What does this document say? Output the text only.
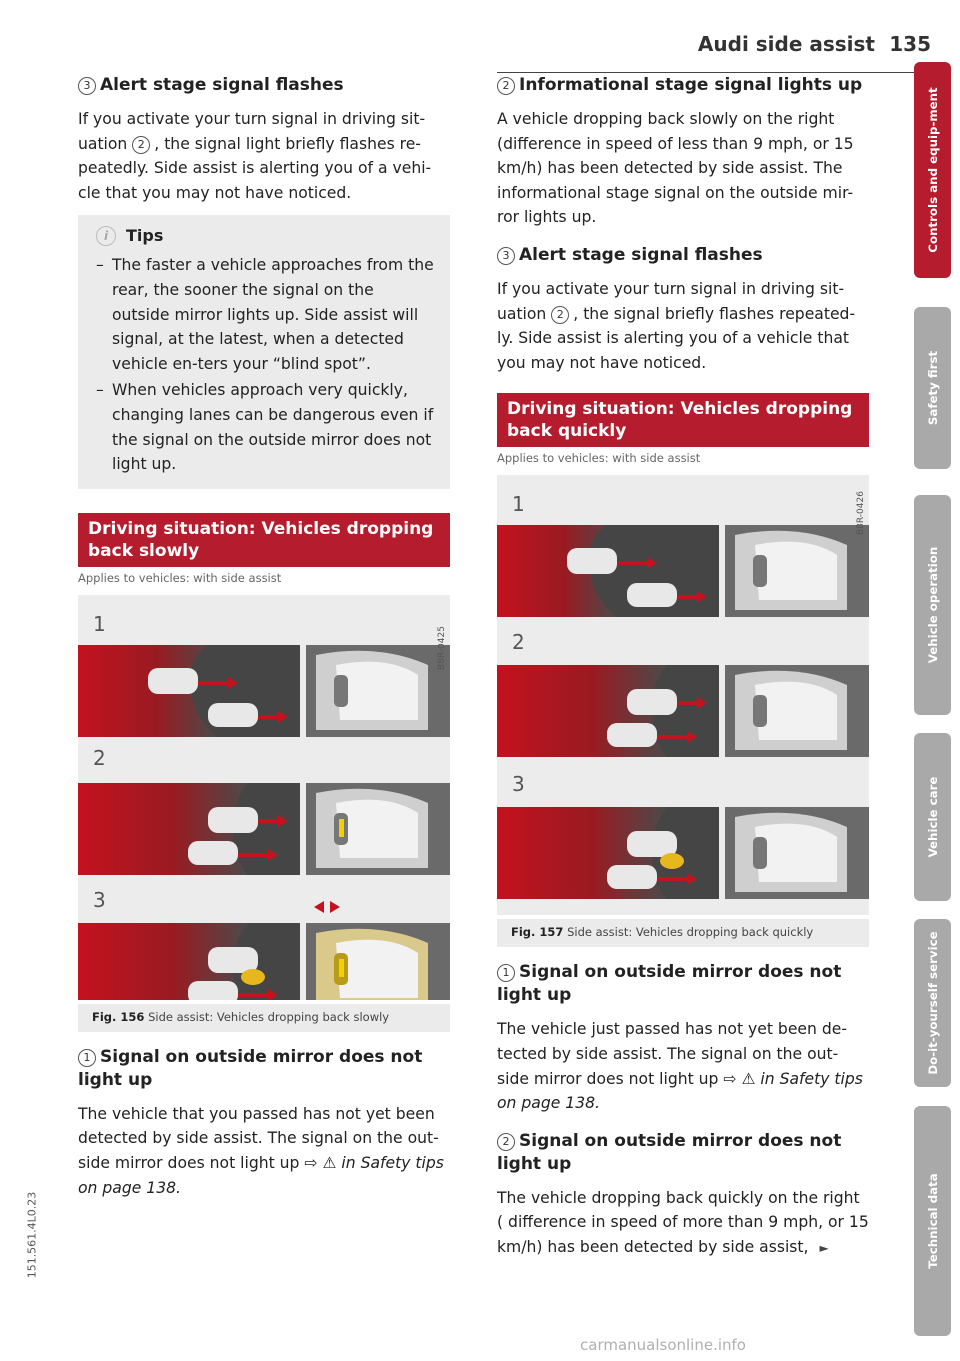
Audi side assist 135
3 Alert stage signal flashes

If you activate your turn signal in driving sit-uation 2 , the signal light briefly flashes re-peatedly. Side assist is alerting you of a vehi-cle that you may not have noticed.

i Tips
– The faster a vehicle approaches from the rear, the sooner the signal on the outside mirror lights up. Side assist will signal, at the latest, when a detected vehicle en-ters your “blind spot”.
– When vehicles approach very quickly, changing lanes can be dangerous even if the signal on the outside mirror does not light up.
Driving situation: Vehicles dropping back slowly
Applies to vehicles: with side assist
1
2
3
B8R-0425
Fig. 156 Side assist: Vehicles dropping back slowly
1 Signal on outside mirror does not light up

The vehicle that you passed has not yet been detected by side assist. The signal on the out-side mirror does not light up ⇨ ⚠ in Safety tips on page 138.

2 Informational stage signal lights up

A vehicle dropping back slowly on the right (difference in speed of less than 9 mph, or 15 km/h) has been detected by side assist. The informational stage signal on the outside mir-ror lights up.

3 Alert stage signal flashes

If you activate your turn signal in driving sit-uation 2 , the signal briefly flashes repeated-ly. Side assist is alerting you of a vehicle that you may not have noticed.

Driving situation: Vehicles dropping back quickly
Applies to vehicles: with side assist
1
2
3
B8R-0426
Fig. 157 Side assist: Vehicles dropping back quickly
1 Signal on outside mirror does not light up

The vehicle just passed has not yet been de-tected by side assist. The signal on the out-side mirror does not light up ⇨ ⚠ in Safety tips on page 138.

2 Signal on outside mirror does not light up

The vehicle dropping back quickly on the right ( difference in speed of more than 9 mph, or 15 km/h) has been detected by side assist, ►

Controls and equip-ment
Safety first
Vehicle operation
Vehicle care
Do-it-yourself service
Technical data
151.561.4L0.23
carmanualsonline.info
